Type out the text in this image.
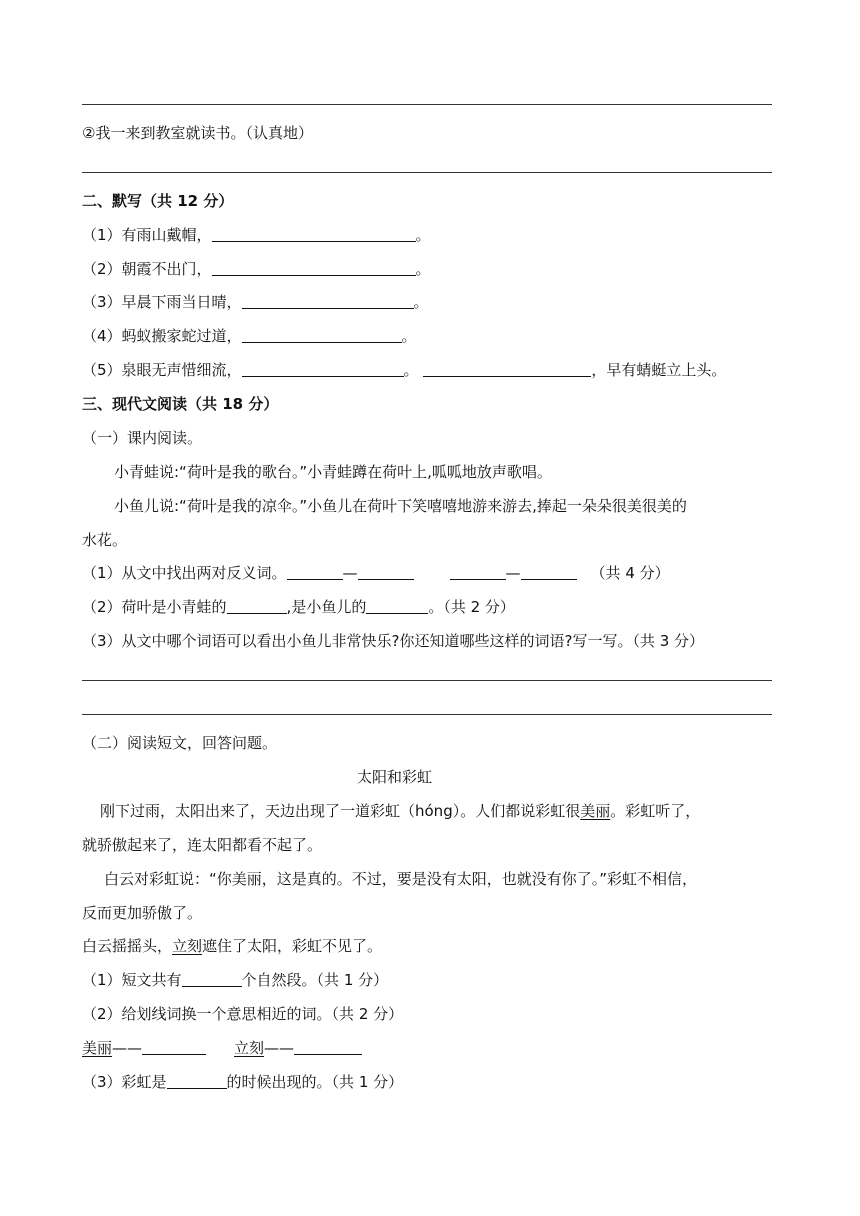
②我一来到教室就读书。（认真地）
二、默写（共 12 分）
（1）有雨山戴帽，	。
（2）朝霞不出门，	。
（3）早晨下雨当日晴，	。
（4）蚂蚁搬家蛇过道，	。
（5）泉眼无声惜细流，	。	，早有蜻蜓立上头。
三、现代文阅读（共 18 分）
（一）课内阅读。
小青蛙说:“荷叶是我的歌台。”小青蛙蹲在荷叶上,呱呱地放声歌唱。
小鱼儿说:“荷叶是我的凉伞。”小鱼儿在荷叶下笑嘻嘻地游来游去,捧起一朵朵很美很美的
水花。
（1）从文中找出两对反义词。	—	—	（共 4 分）
（2）荷叶是小青蛙的	,是小鱼儿的	。（共 2 分）
（3）从文中哪个词语可以看出小鱼儿非常快乐?你还知道哪些这样的词语?写一写。（共 3 分）
（二）阅读短文，回答问题。
太阳和彩虹
刚下过雨，太阳出来了，天边出现了一道彩虹（hóng）。人们都说彩虹很美丽。彩虹听了，
就骄傲起来了，连太阳都看不起了。
白云对彩虹说：“你美丽，这是真的。不过，要是没有太阳，也就没有你了。”彩虹不相信，
反而更加骄傲了。
白云摇摇头，立刻遮住了太阳，彩虹不见了。
（1）短文共有	个自然段。（共 1 分）
（2）给划线词换一个意思相近的词。（共 2 分）
美丽——	立刻——
（3）彩虹是	的时候出现的。（共 1 分）
